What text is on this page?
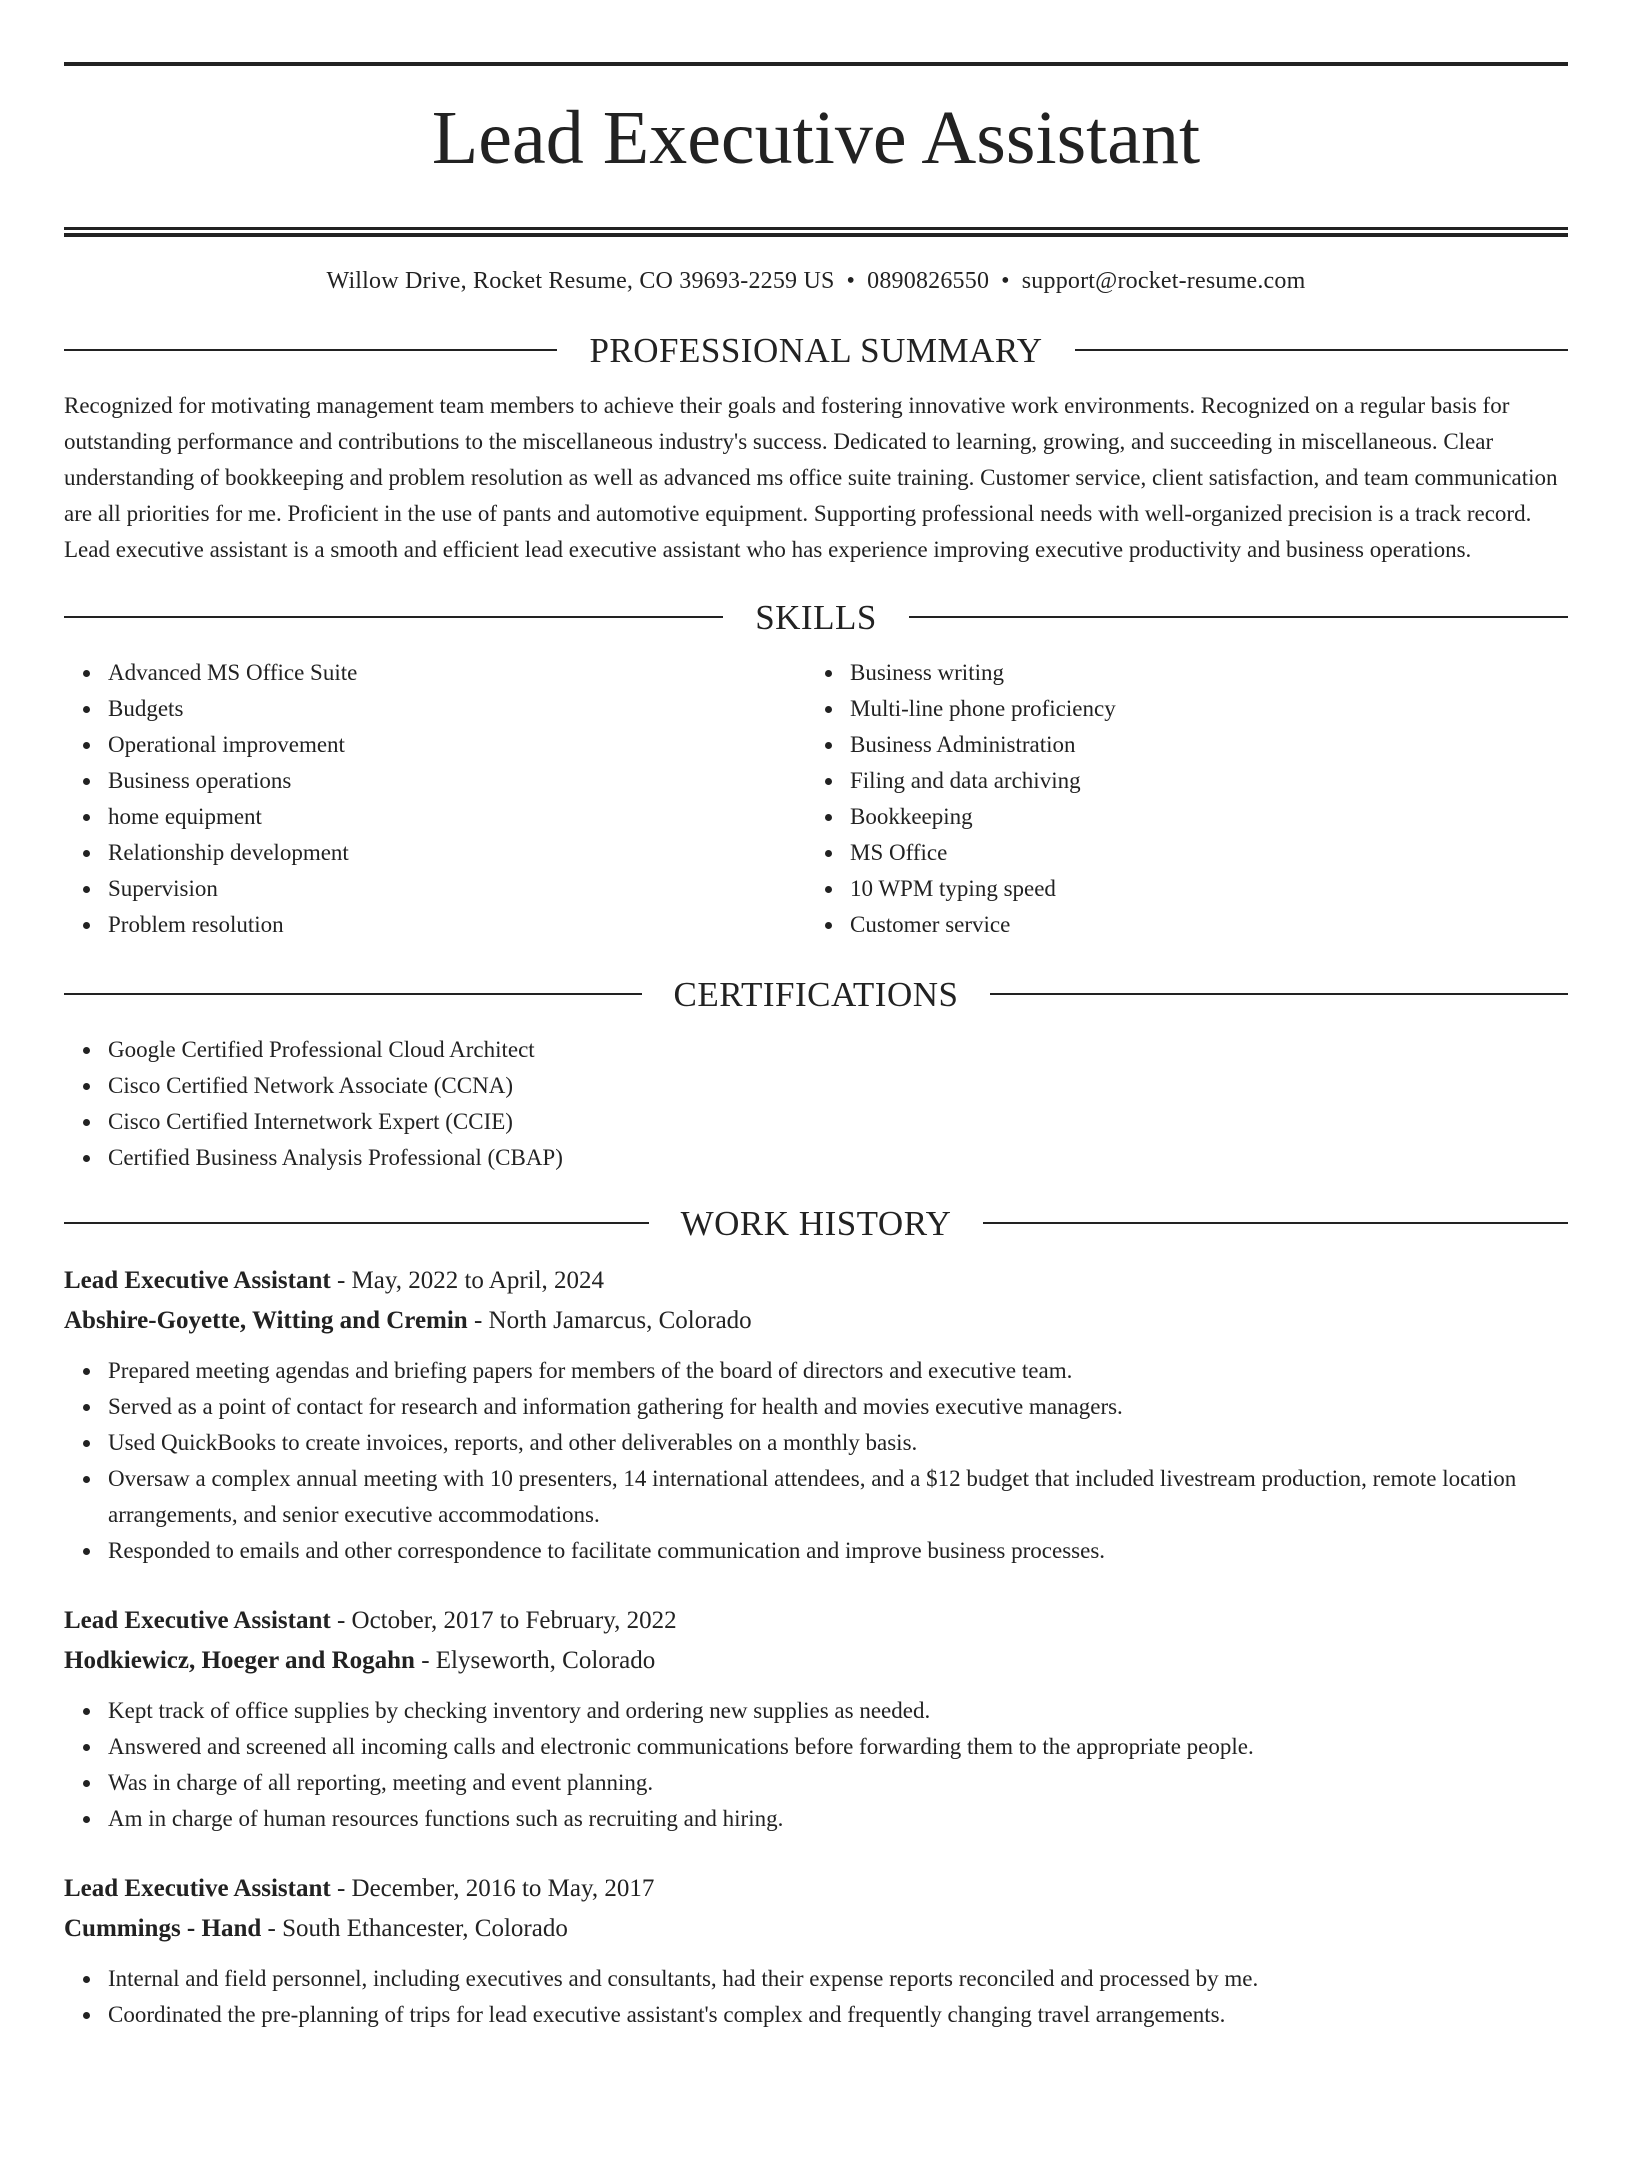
Lead Executive Assistant
Willow Drive, Rocket Resume, CO 39693-2259 US • 0890826550 • support@rocket-resume.com
PROFESSIONAL SUMMARY

Recognized for motivating management team members to achieve their goals and fostering innovative work environments. Recognized on a regular basis for outstanding performance and contributions to the miscellaneous industry's success. Dedicated to learning, growing, and succeeding in miscellaneous. Clear understanding of bookkeeping and problem resolution as well as advanced ms office suite training. Customer service, client satisfaction, and team communication are all priorities for me. Proficient in the use of pants and automotive equipment. Supporting professional needs with well-organized precision is a track record. Lead executive assistant is a smooth and efficient lead executive assistant who has experience improving executive productivity and business operations.

SKILLS
Advanced MS Office Suite
Budgets
Operational improvement
Business operations
home equipment
Relationship development
Supervision
Problem resolution
Business writing
Multi-line phone proficiency
Business Administration
Filing and data archiving
Bookkeeping
MS Office
10 WPM typing speed
Customer service
CERTIFICATIONS
Google Certified Professional Cloud Architect
Cisco Certified Network Associate (CCNA)
Cisco Certified Internetwork Expert (CCIE)
Certified Business Analysis Professional (CBAP)
WORK HISTORY
Lead Executive Assistant - May, 2022 to April, 2024
Abshire-Goyette, Witting and Cremin - North Jamarcus, Colorado
Prepared meeting agendas and briefing papers for members of the board of directors and executive team.
Served as a point of contact for research and information gathering for health and movies executive managers.
Used QuickBooks to create invoices, reports, and other deliverables on a monthly basis.
Oversaw a complex annual meeting with 10 presenters, 14 international attendees, and a $12 budget that included livestream production, remote location arrangements, and senior executive accommodations.
Responded to emails and other correspondence to facilitate communication and improve business processes.
Lead Executive Assistant - October, 2017 to February, 2022
Hodkiewicz, Hoeger and Rogahn - Elyseworth, Colorado
Kept track of office supplies by checking inventory and ordering new supplies as needed.
Answered and screened all incoming calls and electronic communications before forwarding them to the appropriate people.
Was in charge of all reporting, meeting and event planning.
Am in charge of human resources functions such as recruiting and hiring.
Lead Executive Assistant - December, 2016 to May, 2017
Cummings - Hand - South Ethancester, Colorado
Internal and field personnel, including executives and consultants, had their expense reports reconciled and processed by me.
Coordinated the pre-planning of trips for lead executive assistant's complex and frequently changing travel arrangements.
